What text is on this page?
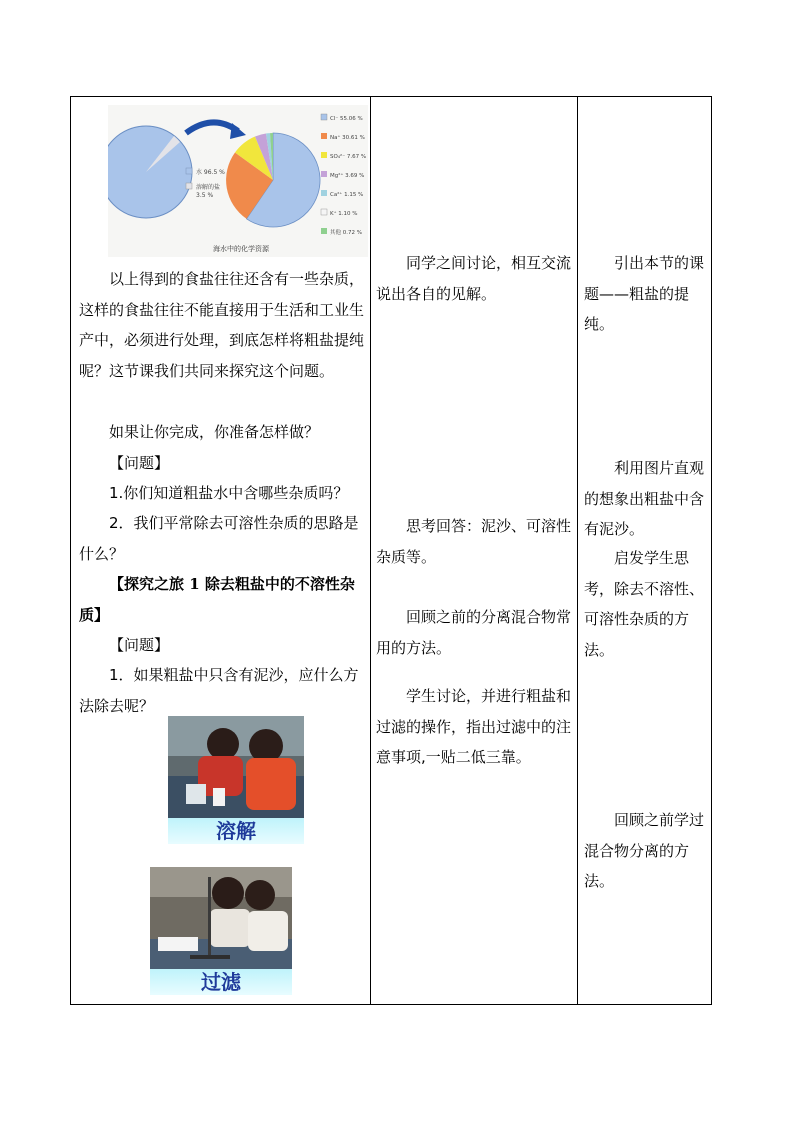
水 96.5 %
溶解的盐
3.5 %
Cl⁻ 55.06 %
Na⁺ 30.61 %
SO₄²⁻ 7.67 %
Mg²⁺ 3.69 %
Ca²⁺ 1.15 %
K⁺ 1.10 %
其他 0.72 %
海水中的化学资源

以上得到的食盐往往还含有一些杂质，这样的食盐往往不能直接用于生活和工业生产中，必须进行处理，到底怎样将粗盐提纯呢？这节课我们共同来探究这个问题。

如果让你完成，你准备怎样做？

【问题】

1.你们知道粗盐水中含哪些杂质吗？

2．我们平常除去可溶性杂质的思路是什么？

【探究之旅 1 除去粗盐中的不溶性杂质】

【问题】

1．如果粗盐中只含有泥沙，应什么方法除去呢？

溶解
过滤

同学之间讨论，相互交流说出各自的见解。

思考回答：泥沙、可溶性杂质等。

回顾之前的分离混合物常用的方法。

学生讨论，并进行粗盐和过滤的操作，指出过滤中的注意事项,一贴二低三靠。

引出本节的课题——粗盐的提纯。

利用图片直观的想象出粗盐中含有泥沙。

启发学生思考，除去不溶性、可溶性杂质的方法。

回顾之前学过混合物分离的方法。
